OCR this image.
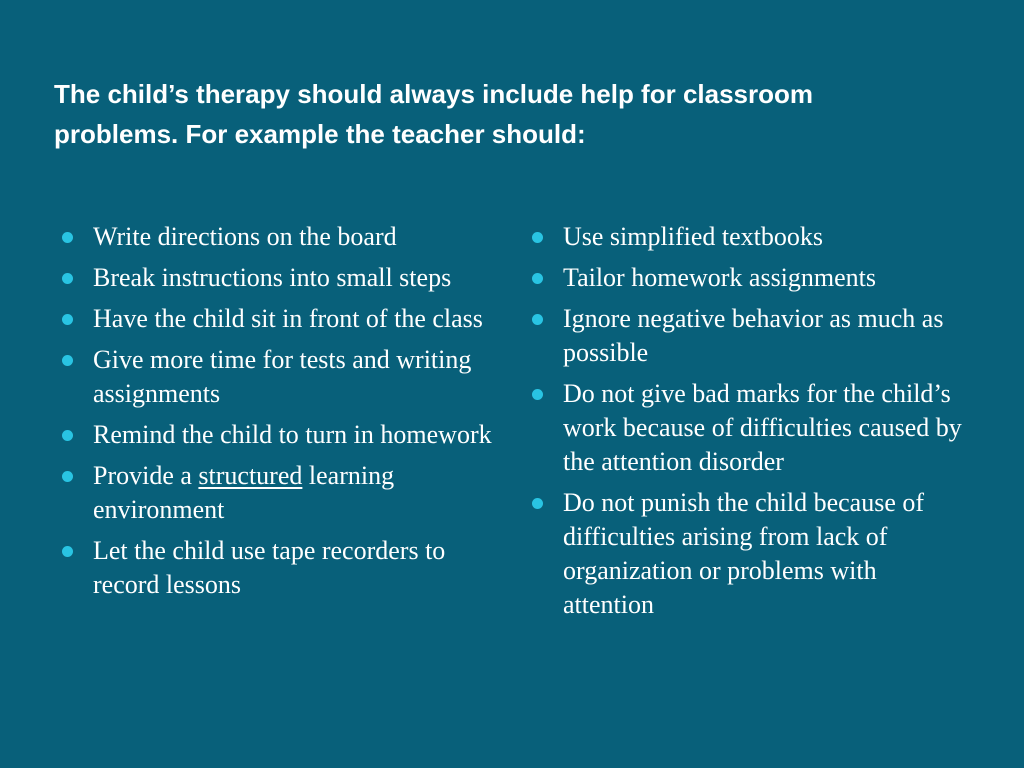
The child’s therapy should always include help for classroom
problems. For example the teacher should:
Write directions on the board
Break instructions into small steps
Have the child sit in front of the class
Give more time for tests and writing assignments
Remind the child to turn in homework
Provide a structured learning environment
Let the child use tape recorders to record lessons
Use simplified textbooks
Tailor homework assignments
Ignore negative behavior as much as possible
Do not give bad marks for the child’s work because of difficulties caused by the attention disorder
Do not punish the child because of difficulties arising from lack of organization or problems with attention
